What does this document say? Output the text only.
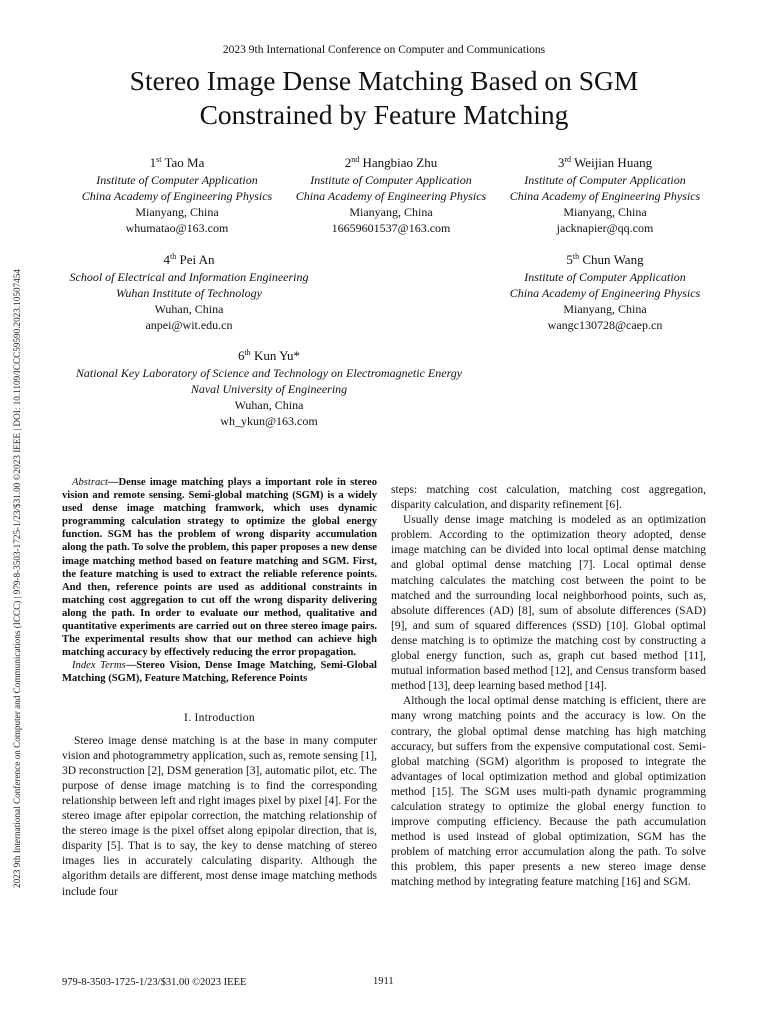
2023 9th International Conference on Computer and Communications
Stereo Image Dense Matching Based on SGM
Constrained by Feature Matching
2023 9th International Conference on Computer and Communications (ICCC) | 979-8-3503-1725-1/23/$31.00 ©2023 IEEE | DOI: 10.1109/ICCC59590.2023.10507454
1st Tao Ma
Institute of Computer Application
China Academy of Engineering Physics
Mianyang, China
whumatao@163.com
2nd Hangbiao Zhu
Institute of Computer Application
China Academy of Engineering Physics
Mianyang, China
16659601537@163.com
3rd Weijian Huang
Institute of Computer Application
China Academy of Engineering Physics
Mianyang, China
jacknapier@qq.com
4th Pei An
School of Electrical and Information Engineering
Wuhan Institute of Technology
Wuhan, China
anpei@wit.edu.cn
5th Chun Wang
Institute of Computer Application
China Academy of Engineering Physics
Mianyang, China
wangc130728@caep.cn
6th Kun Yu*
National Key Laboratory of Science and Technology on Electromagnetic Energy
Naval University of Engineering
Wuhan, China
wh_ykun@163.com

Abstract—Dense image matching plays a important role in stereo vision and remote sensing. Semi-global matching (SGM) is a widely used dense image matching framwork, which uses dynamic programming calculation strategy to optimize the global energy function. SGM has the problem of wrong disparity accumulation along the path. To solve the problem, this paper proposes a new dense image matching method based on feature matching and SGM. First, the feature matching is used to extract the reliable reference points. And then, reference points are used as additional constraints in matching cost aggregation to cut off the wrong disparity delivering along the path. In order to evaluate our method, qualitative and quantitative experiments are carried out on three stereo image pairs. The experimental results show that our method can achieve high matching accuracy by effectively reducing the error propagation.

Index Terms—Stereo Vision, Dense Image Matching, Semi-Global Matching (SGM), Feature Matching, Reference Points

I. Introduction

Stereo image dense matching is at the base in many computer vision and photogrammetry application, such as, remote sensing [1], 3D reconstruction [2], DSM generation [3], automatic pilot, etc. The purpose of dense image matching is to find the corresponding relationship between left and right images pixel by pixel [4]. For the stereo image after epipolar correction, the matching relationship of the stereo image is the pixel offset along epipolar direction, that is, disparity [5]. That is to say, the key to dense matching of stereo images lies in accurately calculating disparity. Although the algorithm details are different, most dense image matching methods include four

steps: matching cost calculation, matching cost aggregation, disparity calculation, and disparity refinement [6].

Usually dense image matching is modeled as an optimization problem. According to the optimization theory adopted, dense image matching can be divided into local optimal dense matching and global optimal dense matching [7]. Local optimal dense matching calculates the matching cost between the point to be matched and the surrounding local neighborhood points, such as, absolute differences (AD) [8], sum of absolute differences (SAD) [9], and sum of squared differences (SSD) [10]. Global optimal dense matching is to optimize the matching cost by constructing a global energy function, such as, graph cut based method [11], mutual information based method [12], and Census transform based method [13], deep learning based method [14].

Although the local optimal dense matching is efficient, there are many wrong matching points and the accuracy is low. On the contrary, the global optimal dense matching has high matching accuracy, but suffers from the expensive computational cost. Semi-global matching (SGM) algorithm is proposed to integrate the advantages of local optimization method and global optimization method [15]. The SGM uses multi-path dynamic programming calculation strategy to optimize the global energy function to improve computing efficiency. Because the path accumulation method is used instead of global optimization, SGM has the problem of matching error accumulation along the path. To solve this problem, this paper presents a new stereo image dense matching method by integrating feature matching [16] and SGM.

979-8-3503-1725-1/23/$31.00 ©2023 IEEE	1911
